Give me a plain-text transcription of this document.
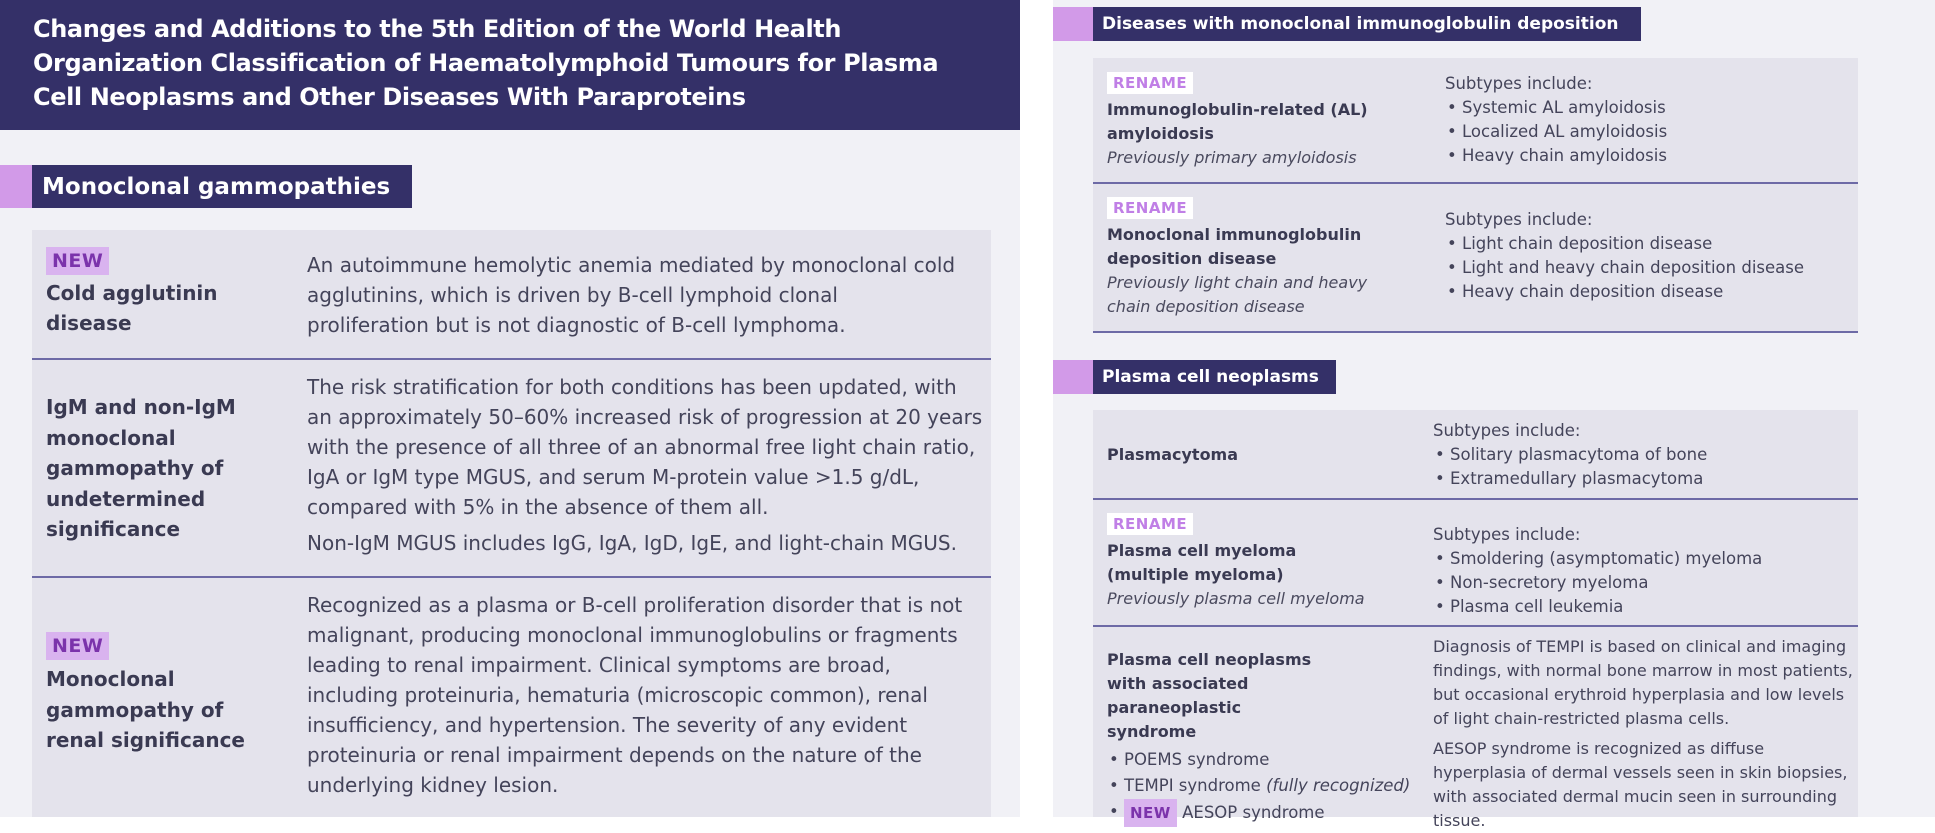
Changes and Additions to the 5th Edition of the World Health Organization Classification of Haematolymphoid Tumours for Plasma Cell Neoplasms and Other Diseases With Paraproteins
Monoclonal gammopathies
NEW
Cold agglutinin disease
An autoimmune hemolytic anemia mediated by monoclonal cold agglutinins, which is driven by B-cell lymphoid clonal proliferation but is not diagnostic of B-cell lymphoma.
IgM and non-IgM monoclonal gammopathy of undetermined significance
The risk stratification for both conditions has been updated, with an approximately 50–60% increased risk of progression at 20 years with the presence of all three of an abnormal free light chain ratio, IgA or IgM type MGUS, and serum M-protein value >1.5 g/dL, compared with 5% in the absence of them all.
Non-IgM MGUS includes IgG, IgA, IgD, IgE, and light-chain MGUS.
NEW
Monoclonal gammopathy of renal significance
Recognized as a plasma or B-cell proliferation disorder that is not malignant, producing monoclonal immunoglobulins or fragments leading to renal impairment. Clinical symptoms are broad, including proteinuria, hematuria (microscopic common), renal insufficiency, and hypertension. The severity of any evident proteinuria or renal impairment depends on the nature of the underlying kidney lesion.
Diseases with monoclonal immunoglobulin deposition
RENAME
Immunoglobulin-related (AL) amyloidosis
Previously primary amyloidosis
Subtypes include:
• Systemic AL amyloidosis
• Localized AL amyloidosis
• Heavy chain amyloidosis
RENAME
Monoclonal immunoglobulin deposition disease
Previously light chain and heavy chain deposition disease
Subtypes include:
• Light chain deposition disease
• Light and heavy chain deposition disease
• Heavy chain deposition disease
Plasma cell neoplasms
Plasmacytoma
Subtypes include:
• Solitary plasmacytoma of bone
• Extramedullary plasmacytoma
RENAME
Plasma cell myeloma (multiple myeloma)
Previously plasma cell myeloma
Subtypes include:
• Smoldering (asymptomatic) myeloma
• Non-secretory myeloma
• Plasma cell leukemia
Plasma cell neoplasms with associated paraneoplastic syndrome
• POEMS syndrome
• TEMPI syndrome (fully recognized)
• NEW AESOP syndrome
Diagnosis of TEMPI is based on clinical and imaging findings, with normal bone marrow in most patients, but occasional erythroid hyperplasia and low levels of light chain-restricted plasma cells.
AESOP syndrome is recognized as diffuse hyperplasia of dermal vessels seen in skin biopsies, with associated dermal mucin seen in surrounding tissue.
